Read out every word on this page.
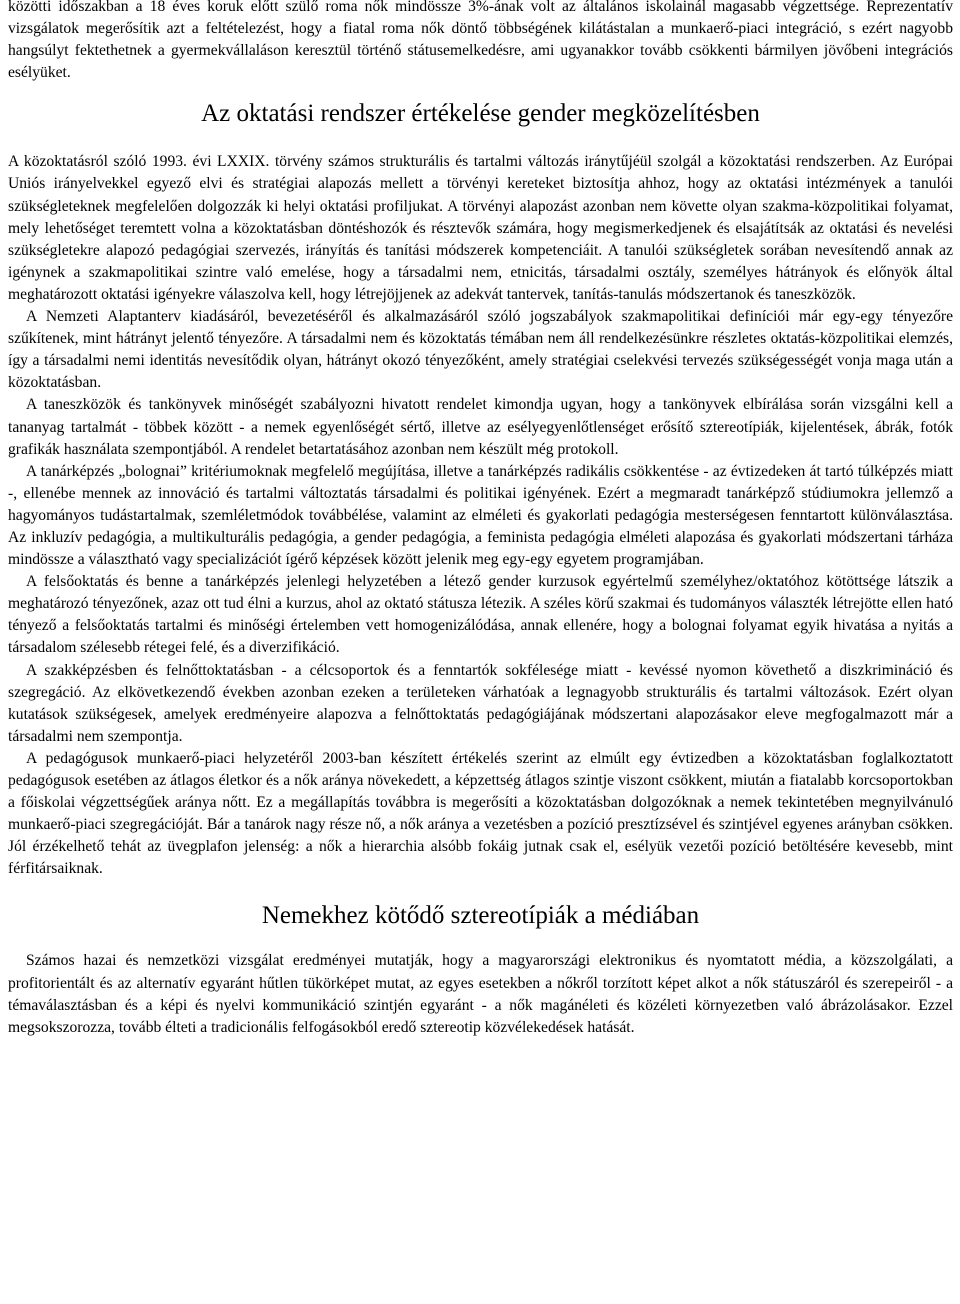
közötti időszakban a 18 éves koruk előtt szülő roma nők mindössze 3%-ának volt az általános iskolainál magasabb végzettsége. Reprezentatív vizsgálatok megerősítik azt a feltételezést, hogy a fiatal roma nők döntő többségének kilátástalan a munkaerő-piaci integráció, s ezért nagyobb hangsúlyt fektethetnek a gyermekvállaláson keresztül történő státusemelkedésre, ami ugyanakkor tovább csökkenti bármilyen jövőbeni integrációs esélyüket.

Az oktatási rendszer értékelése gender megközelítésben

A közoktatásról szóló 1993. évi LXXIX. törvény számos strukturális és tartalmi változás iránytűjéül szolgál a közoktatási rendszerben. Az Európai Uniós irányelvekkel egyező elvi és stratégiai alapozás mellett a törvényi kereteket biztosítja ahhoz, hogy az oktatási intézmények a tanulói szükségleteknek megfelelően dolgozzák ki helyi oktatási profiljukat. A törvényi alapozást azonban nem követte olyan szakma-közpolitikai folyamat, mely lehetőséget teremtett volna a közoktatásban döntéshozók és résztevők számára, hogy megismerkedjenek és elsajátítsák az oktatási és nevelési szükségletekre alapozó pedagógiai szervezés, irányítás és tanítási módszerek kompetenciáit. A tanulói szükségletek sorában nevesítendő annak az igénynek a szakmapolitikai szintre való emelése, hogy a társadalmi nem, etnicitás, társadalmi osztály, személyes hátrányok és előnyök által meghatározott oktatási igényekre válaszolva kell, hogy létrejöjjenek az adekvát tantervek, tanítás-tanulás módszertanok és taneszközök.

A Nemzeti Alaptanterv kiadásáról, bevezetéséről és alkalmazásáról szóló jogszabályok szakmapolitikai definíciói már egy-egy tényezőre szűkítenek, mint hátrányt jelentő tényezőre. A társadalmi nem és közoktatás témában nem áll rendelkezésünkre részletes oktatás-közpolitikai elemzés, így a társadalmi nemi identitás nevesítődik olyan, hátrányt okozó tényezőként, amely stratégiai cselekvési tervezés szükségességét vonja maga után a közoktatásban.

A taneszközök és tankönyvek minőségét szabályozni hivatott rendelet kimondja ugyan, hogy a tankönyvek elbírálása során vizsgálni kell a tananyag tartalmát - többek között - a nemek egyenlőségét sértő, illetve az esélyegyenlőtlenséget erősítő sztereotípiák, kijelentések, ábrák, fotók grafikák használata szempontjából. A rendelet betartatásához azonban nem készült még protokoll.

A tanárképzés „bolognai” kritériumoknak megfelelő megújítása, illetve a tanárképzés radikális csökkentése - az évtizedeken át tartó túlképzés miatt -, ellenébe mennek az innováció és tartalmi változtatás társadalmi és politikai igényének. Ezért a megmaradt tanárképző stúdiumokra jellemző a hagyományos tudástartalmak, szemléletmódok továbbélése, valamint az elméleti és gyakorlati pedagógia mesterségesen fenntartott különválasztása. Az inkluzív pedagógia, a multikulturális pedagógia, a gender pedagógia, a feminista pedagógia elméleti alapozása és gyakorlati módszertani tárháza mindössze a választható vagy specializációt ígérő képzések között jelenik meg egy-egy egyetem programjában.

A felsőoktatás és benne a tanárképzés jelenlegi helyzetében a létező gender kurzusok egyértelmű személyhez/oktatóhoz kötöttsége látszik a meghatározó tényezőnek, azaz ott tud élni a kurzus, ahol az oktató státusza létezik. A széles körű szakmai és tudományos választék létrejötte ellen ható tényező a felsőoktatás tartalmi és minőségi értelemben vett homogenizálódása, annak ellenére, hogy a bolognai folyamat egyik hivatása a nyitás a társadalom szélesebb rétegei felé, és a diverzifikáció.

A szakképzésben és felnőttoktatásban - a célcsoportok és a fenntartók sokfélesége miatt - kevéssé nyomon követhető a diszkrimináció és szegregáció. Az elkövetkezendő években azonban ezeken a területeken várhatóak a legnagyobb strukturális és tartalmi változások. Ezért olyan kutatások szükségesek, amelyek eredményeire alapozva a felnőttoktatás pedagógiájának módszertani alapozásakor eleve megfogalmazott már a társadalmi nem szempontja.

A pedagógusok munkaerő-piaci helyzetéről 2003-ban készített értékelés szerint az elmúlt egy évtizedben a közoktatásban foglalkoztatott pedagógusok esetében az átlagos életkor és a nők aránya növekedett, a képzettség átlagos szintje viszont csökkent, miután a fiatalabb korcsoportokban a főiskolai végzettségűek aránya nőtt. Ez a megállapítás továbbra is megerősíti a közoktatásban dolgozóknak a nemek tekintetében megnyilvánuló munkaerő-piaci szegregációját. Bár a tanárok nagy része nő, a nők aránya a vezetésben a pozíció presztízsével és szintjével egyenes arányban csökken. Jól érzékelhető tehát az üvegplafon jelenség: a nők a hierarchia alsóbb fokáig jutnak csak el, esélyük vezetői pozíció betöltésére kevesebb, mint férfitársaiknak.

Nemekhez kötődő sztereotípiák a médiában

Számos hazai és nemzetközi vizsgálat eredményei mutatják, hogy a magyarországi elektronikus és nyomtatott média, a közszolgálati, a profitorientált és az alternatív egyaránt hűtlen tükörképet mutat, az egyes esetekben a nőkről torzított képet alkot a nők státuszáról és szerepeiről - a témaválasztásban és a képi és nyelvi kommunikáció szintjén egyaránt - a nők magánéleti és közéleti környezetben való ábrázolásakor. Ezzel megsokszorozza, tovább élteti a tradicionális felfogásokból eredő sztereotip közvélekedések hatását.
